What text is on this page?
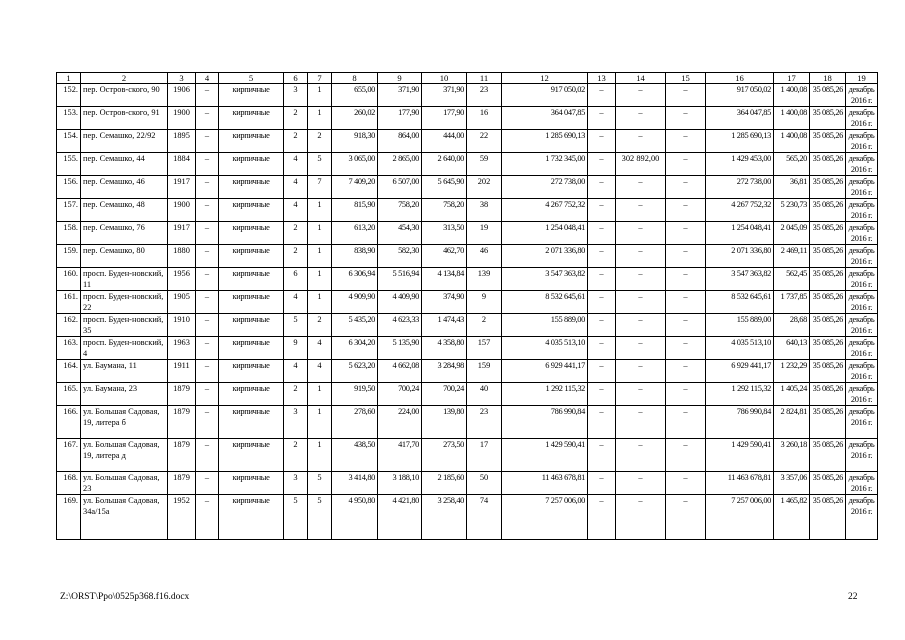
1	2	3	4	5	6	7	8	9	10	11	12	13	14	15	16	17	18	19
152.	пер. Остров-ского, 90	1906	–	кирпичные	3	1	655,00	371,90	371,90	23	917 050,02	–	–	–	917 050,02	1 400,08	35 085,26	декабрь 2016 г.
153.	пер. Остров-ского, 91	1900	–	кирпичные	2	1	260,02	177,90	177,90	16	364 047,85	–	–	–	364 047,85	1 400,08	35 085,26	декабрь 2016 г.
154.	пер. Семашко, 22/92	1895	–	кирпичные	2	2	918,30	864,00	444,00	22	1 285 690,13	–	–	–	1 285 690,13	1 400,08	35 085,26	декабрь 2016 г.
155.	пер. Семашко, 44	1884	–	кирпичные	4	5	3 065,00	2 865,00	2 640,00	59	1 732 345,00	–	302 892,00	–	1 429 453,00	565,20	35 085,26	декабрь 2016 г.
156.	пер. Семашко, 46	1917	–	кирпичные	4	7	7 409,20	6 507,00	5 645,90	202	272 738,00	–	–	–	272 738,00	36,81	35 085,26	декабрь 2016 г.
157.	пер. Семашко, 48	1900	–	кирпичные	4	1	815,90	758,20	758,20	38	4 267 752,32	–	–	–	4 267 752,32	5 230,73	35 085,26	декабрь 2016 г.
158.	пер. Семашко, 76	1917	–	кирпичные	2	1	613,20	454,30	313,50	19	1 254 048,41	–	–	–	1 254 048,41	2 045,09	35 085,26	декабрь 2016 г.
159.	пер. Семашко, 80	1880	–	кирпичные	2	1	838,90	582,30	462,70	46	2 071 336,80	–	–	–	2 071 336,80	2 469,11	35 085,26	декабрь 2016 г.
160.	просп. Буден-новский, 11	1956	–	кирпичные	6	1	6 306,94	5 516,94	4 134,84	139	3 547 363,82	–	–	–	3 547 363,82	562,45	35 085,26	декабрь 2016 г.
161.	просп. Буден-новский, 22	1905	–	кирпичные	4	1	4 909,90	4 409,90	374,90	9	8 532 645,61	–	–	–	8 532 645,61	1 737,85	35 085,26	декабрь 2016 г.
162.	просп. Буден-новский, 35	1910	–	кирпичные	5	2	5 435,20	4 623,33	1 474,43	2	155 889,00	–	–	–	155 889,00	28,68	35 085,26	декабрь 2016 г.
163.	просп. Буден-новский, 4	1963	–	кирпичные	9	4	6 304,20	5 135,90	4 358,80	157	4 035 513,10	–	–	–	4 035 513,10	640,13	35 085,26	декабрь 2016 г.
164.	ул. Баумана, 11	1911	–	кирпичные	4	4	5 623,20	4 662,08	3 284,98	159	6 929 441,17	–	–	–	6 929 441,17	1 232,29	35 085,26	декабрь 2016 г.
165.	ул. Баумана, 23	1879	–	кирпичные	2	1	919,50	700,24	700,24	40	1 292 115,32	–	–	–	1 292 115,32	1 405,24	35 085,26	декабрь 2016 г.
166.	ул. Большая Садовая, 19, литера б	1879	–	кирпичные	3	1	278,60	224,00	139,80	23	786 990,84	–	–	–	786 990,84	2 824,81	35 085,26	декабрь 2016 г.
167.	ул. Большая Садовая, 19, литера д	1879	–	кирпичные	2	1	438,50	417,70	273,50	17	1 429 590,41	–	–	–	1 429 590,41	3 260,18	35 085,26	декабрь 2016 г.
168.	ул. Большая Садовая, 23	1879	–	кирпичные	3	5	3 414,80	3 188,10	2 185,60	50	11 463 678,81	–	–	–	11 463 678,81	3 357,06	35 085,26	декабрь 2016 г.
169.	ул. Большая Садовая, 34а/15а	1952	–	кирпичные	5	5	4 950,80	4 421,80	3 258,40	74	7 257 006,00	–	–	–	7 257 006,00	1 465,82	35 085,26	декабрь 2016 г.
Z:\ORST\Ppo\0525p368.f16.docx	22
